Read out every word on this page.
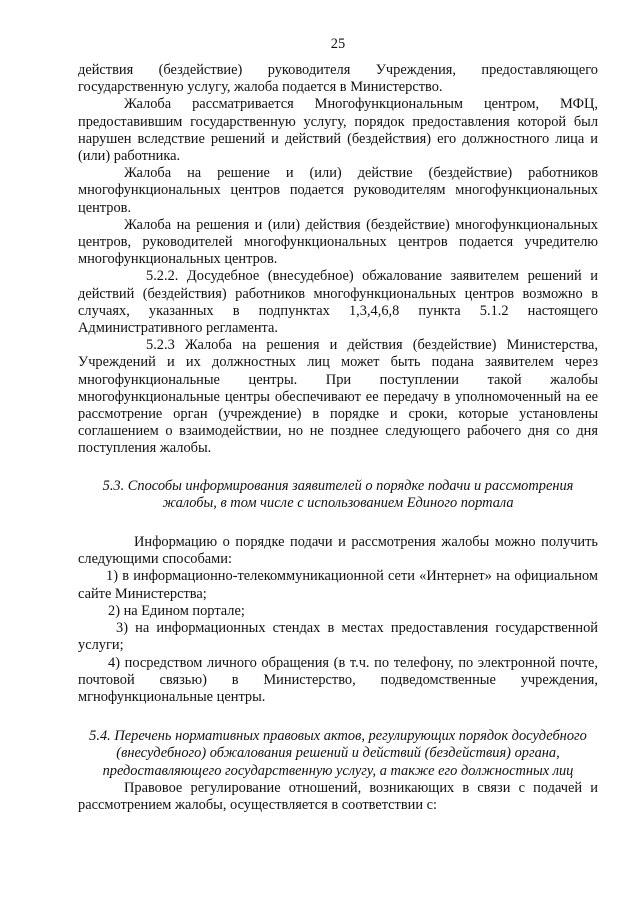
25

действия (бездействие) руководителя Учреждения, предоставляющего государственную услугу, жалоба подается в Министерство.

Жалоба рассматривается Многофункциональным центром, МФЦ, предоставившим государственную услугу, порядок предоставления которой был нарушен вследствие решений и действий (бездействия) его должностного лица и (или) работника.

Жалоба на решение и (или) действие (бездействие) работников многофункциональных центров подается руководителям многофункциональных центров.

Жалоба на решения и (или) действия (бездействие) многофункциональных центров, руководителей многофункциональных центров подается учредителю многофункциональных центров.

5.2.2. Досудебное (внесудебное) обжалование заявителем решений и действий (бездействия) работников многофункциональных центров возможно в случаях, указанных в подпунктах 1,3,4,6,8 пункта 5.1.2 настоящего Административного регламента.

5.2.3 Жалоба на решения и действия (бездействие) Министерства, Учреждений и их должностных лиц может быть подана заявителем через многофункциональные центры. При поступлении такой жалобы многофункциональные центры обеспечивают ее передачу в уполномоченный на ее рассмотрение орган (учреждение) в порядке и сроки, которые установлены соглашением о взаимодействии, но не позднее следующего рабочего дня со дня поступления жалобы.

5.3. Способы информирования заявителей о порядке подачи и рассмотрения жалобы, в том числе с использованием Единого портала

Информацию о порядке подачи и рассмотрения жалобы можно получить следующими способами:

1) в информационно-телекоммуникационной сети «Интернет» на официальном сайте Министерства;

2) на Едином портале;

3) на информационных стендах в местах предоставления государственной услуги;

4) посредством личного обращения (в т.ч. по телефону, по электронной почте, почтовой связью) в Министерство, подведомственные учреждения, мгнофункциональные центры.

5.4. Перечень нормативных правовых актов, регулирующих порядок досудебного (внесудебного) обжалования решений и действий (бездействия) органа, предоставляющего государственную услугу, а также его должностных лиц

Правовое регулирование отношений, возникающих в связи с подачей и рассмотрением жалобы, осуществляется в соответствии с:
